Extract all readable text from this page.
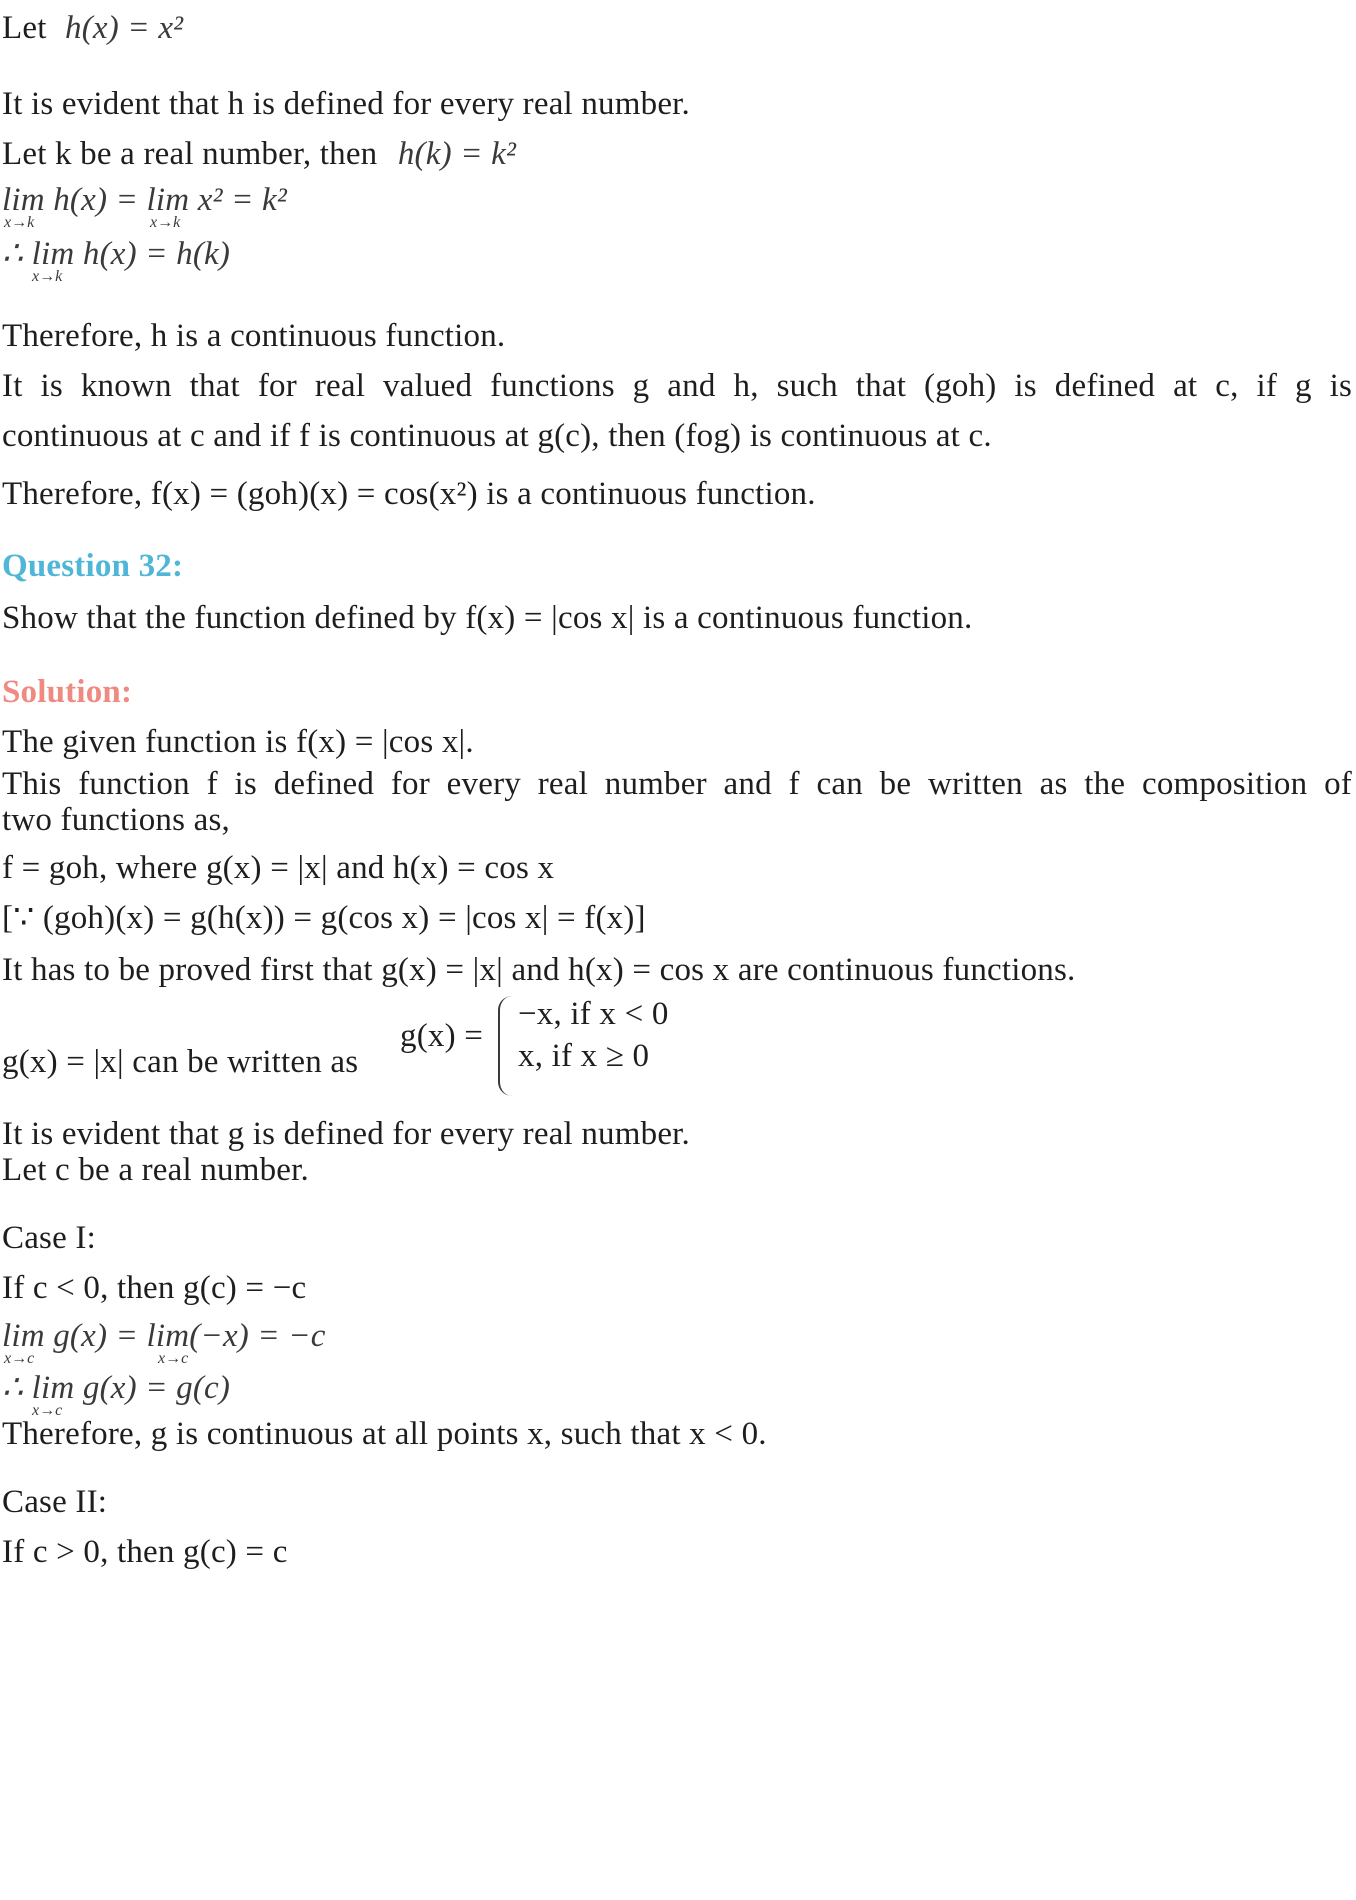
Let h(x) = x²
It is evident that h is defined for every real number.
Let k be a real number, then h(k) = k²
lim h(x) = lim x² = k²
x→k	x→k
∴ lim h(x) = h(k)
x→k
Therefore, h is a continuous function.
It is known that for real valued functions g and h, such that (goh) is defined at c, if g is
continuous at c and if f is continuous at g(c), then (fog) is continuous at c.
Therefore, f(x) = (goh)(x) = cos(x²) is a continuous function.
Question 32:
Show that the function defined by f(x) = |cos x| is a continuous function.
Solution:
The given function is f(x) = |cos x|.
This function f is defined for every real number and f can be written as the composition of
two functions as,
f = goh, where g(x) = |x| and h(x) = cos x
[∵ (goh)(x) = g(h(x)) = g(cos x) = |cos x| = f(x)]
It has to be proved first that g(x) = |x| and h(x) = cos x are continuous functions.
g(x) = |x| can be written as
g(x) =
−x, if x < 0
x, if x ≥ 0
It is evident that g is defined for every real number.
Let c be a real number.
Case I:
If c < 0, then g(c) = −c
lim g(x) = lim(−x) = −c
x→c	x→c
∴ lim g(x) = g(c)
x→c
Therefore, g is continuous at all points x, such that x < 0.
Case II:
If c > 0, then g(c) = c
